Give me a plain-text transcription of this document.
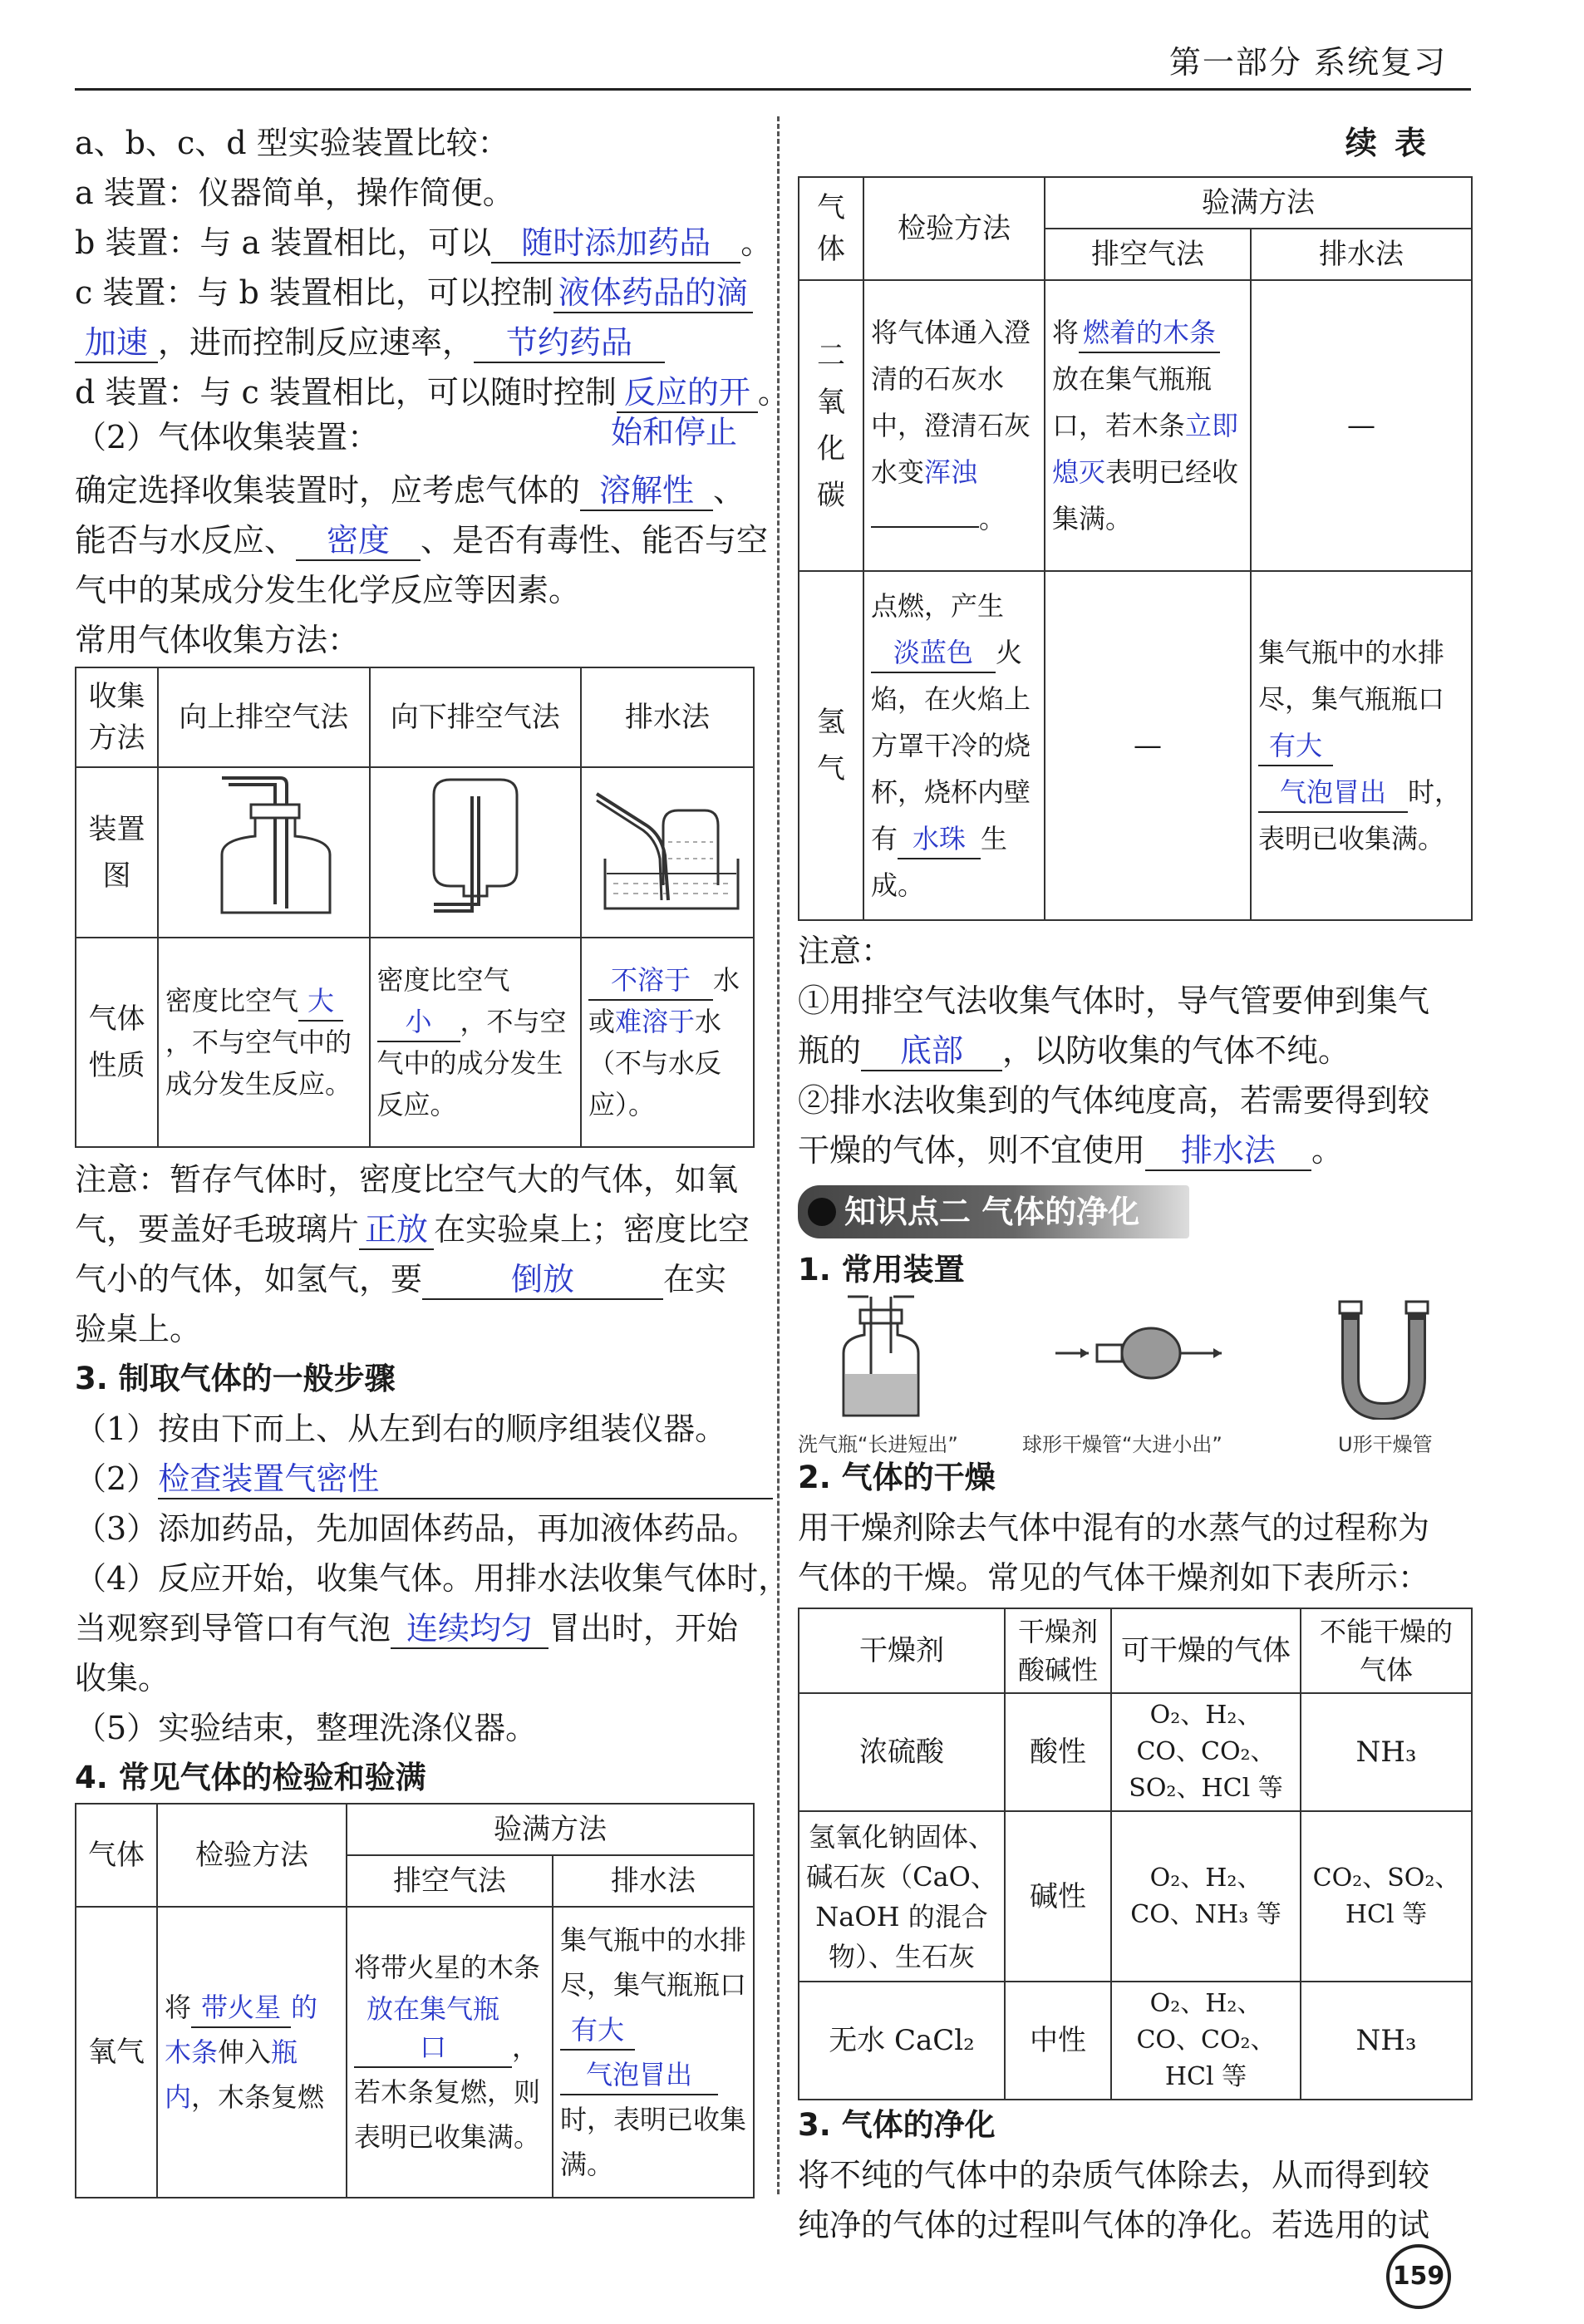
第一部分 系统复习
a、b、c、d 型实验装置比较：
a 装置：仪器简单，操作简便。
b 装置：与 a 装置相比，可以 随时添加药品 。
c 装置：与 b 装置相比，可以控制 液体药品的滴
加速 ，进而控制反应速率， 节约药品
d 装置：与 c 装置相比，可以随时控制 反应的开 。
始和停止
（2）气体收集装置：
确定选择收集装置时，应考虑气体的 溶解性 、
能否与水反应、 密度 、是否有毒性、能否与空
气中的某成分发生化学反应等因素。
常用气体收集方法：
收集方法	向上排空气法	向下排空气法	排水法
装置图			
气体性质	密度比空气 大，不与空气中的成分发生反应。	密度比空气小 ，不与空气中的成分发生反应。	不溶于 水或难溶于水（不与水反应）。
注意：暂存气体时，密度比空气大的气体，如氧气，要盖好毛玻璃片 正放 在实验桌上；密度比空气小的气体，如氢气，要	倒放	在实验桌上。
3. 制取气体的一般步骤
（1）按由下而上、从左到右的顺序组装仪器。
（2）检查装置气密性
（3）添加药品，先加固体药品，再加液体药品。
（4）反应开始，收集气体。用排水法收集气体时，
当观察到导管口有气泡 连续均匀 冒出时，开始
收集。
（5）实验结束，整理洗涤仪器。
4. 常见气体的检验和验满
气体	检验方法	验满方法	
		排空气法	排水法
氧气	将 带火星 的木条伸入瓶内，木条复燃	将带火星的木条放在集气瓶口 ，若木条复燃，则表明已收集满。	集气瓶中的水排尽，集气瓶瓶口有大气泡冒出时，表明已收集满。
续 表
气体	检验方法	验满方法	
		排空气法	排水法
二氧化碳	将气体通入澄清的石灰水中，澄清石灰水变浑浊。	将 燃着的木条放在集气瓶瓶口，若木条立即熄灭表明已经收集满。	—
氢气	点燃，产生淡蓝色 火焰，在火焰上方罩干冷的烧杯，烧杯内壁有 水珠 生成。	—	集气瓶中的水排尽，集气瓶瓶口有大气泡冒出 时，表明已收集满。
注意：
①用排空气法收集气体时，导气管要伸到集气
瓶的 底部 ，以防收集的气体不纯。
②排水法收集到的气体纯度高，若需要得到较
干燥的气体，则不宜使用 排水法 。
知识点二 气体的净化
1. 常用装置
洗气瓶“长进短出”	球形干燥管“大进小出”	U形干燥管
2. 气体的干燥
用干燥剂除去气体中混有的水蒸气的过程称为
气体的干燥。常见的气体干燥剂如下表所示：
干燥剂	干燥剂酸碱性	可干燥的气体	不能干燥的气体
浓硫酸	酸性	O₂、H₂、CO、CO₂、SO₂、HCl 等	NH₃
氢氧化钠固体、碱石灰（CaO、NaOH 的混合物）、生石灰	碱性	O₂、H₂、CO、NH₃ 等	CO₂、SO₂、HCl 等
无水 CaCl₂	中性	O₂、H₂、CO、CO₂、HCl 等	NH₃
3. 气体的净化
将不纯的气体中的杂质气体除去，从而得到较
纯净的气体的过程叫气体的净化。若选用的试
159
